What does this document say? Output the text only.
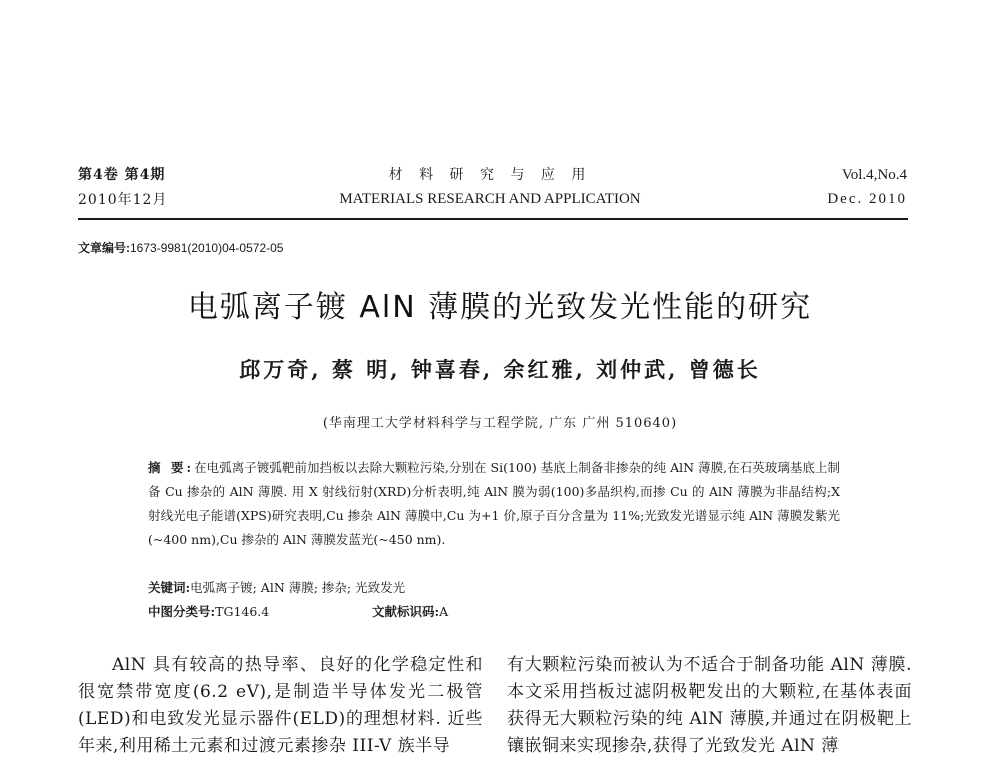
第4卷 第4期
2010年12月
材 料 研 究 与 应 用
MATERIALS RESEARCH AND APPLICATION
Vol.4,No.4
Dec. 2010
文章编号:1673-9981(2010)04-0572-05
电弧离子镀 AlN 薄膜的光致发光性能的研究
邱万奇, 蔡 明, 钟喜春, 余红雅, 刘仲武, 曾德长
(华南理工大学材料科学与工程学院, 广东 广州 510640)
摘 要:在电弧离子镀弧靶前加挡板以去除大颗粒污染,分别在 Si(100) 基底上制备非掺杂的纯 AlN 薄膜,在石英玻璃基底上制备 Cu 掺杂的 AlN 薄膜. 用 X 射线衍射(XRD)分析表明,纯 AlN 膜为弱(100)多晶织构,而掺 Cu 的 AlN 薄膜为非晶结构;X 射线光电子能谱(XPS)研究表明,Cu 掺杂 AlN 薄膜中,Cu 为+1 价,原子百分含量为 11%;光致发光谱显示纯 AlN 薄膜发紫光(~400 nm),Cu 掺杂的 AlN 薄膜发蓝光(~450 nm).
关键词:电弧离子镀; AlN 薄膜; 掺杂; 光致发光
中图分类号:TG146.4	文献标识码:A
AlN 具有较高的热导率、良好的化学稳定性和很宽禁带宽度(6.2 eV),是制造半导体发光二极管(LED)和电致发光显示器件(ELD)的理想材料. 近些年来,利用稀土元素和过渡元素掺杂 III-V 族半导
有大颗粒污染而被认为不适合于制备功能 AlN 薄膜. 本文采用挡板过滤阴极靶发出的大颗粒,在基体表面获得无大颗粒污染的纯 AlN 薄膜,并通过在阴极靶上镶嵌铜来实现掺杂,获得了光致发光 AlN 薄
